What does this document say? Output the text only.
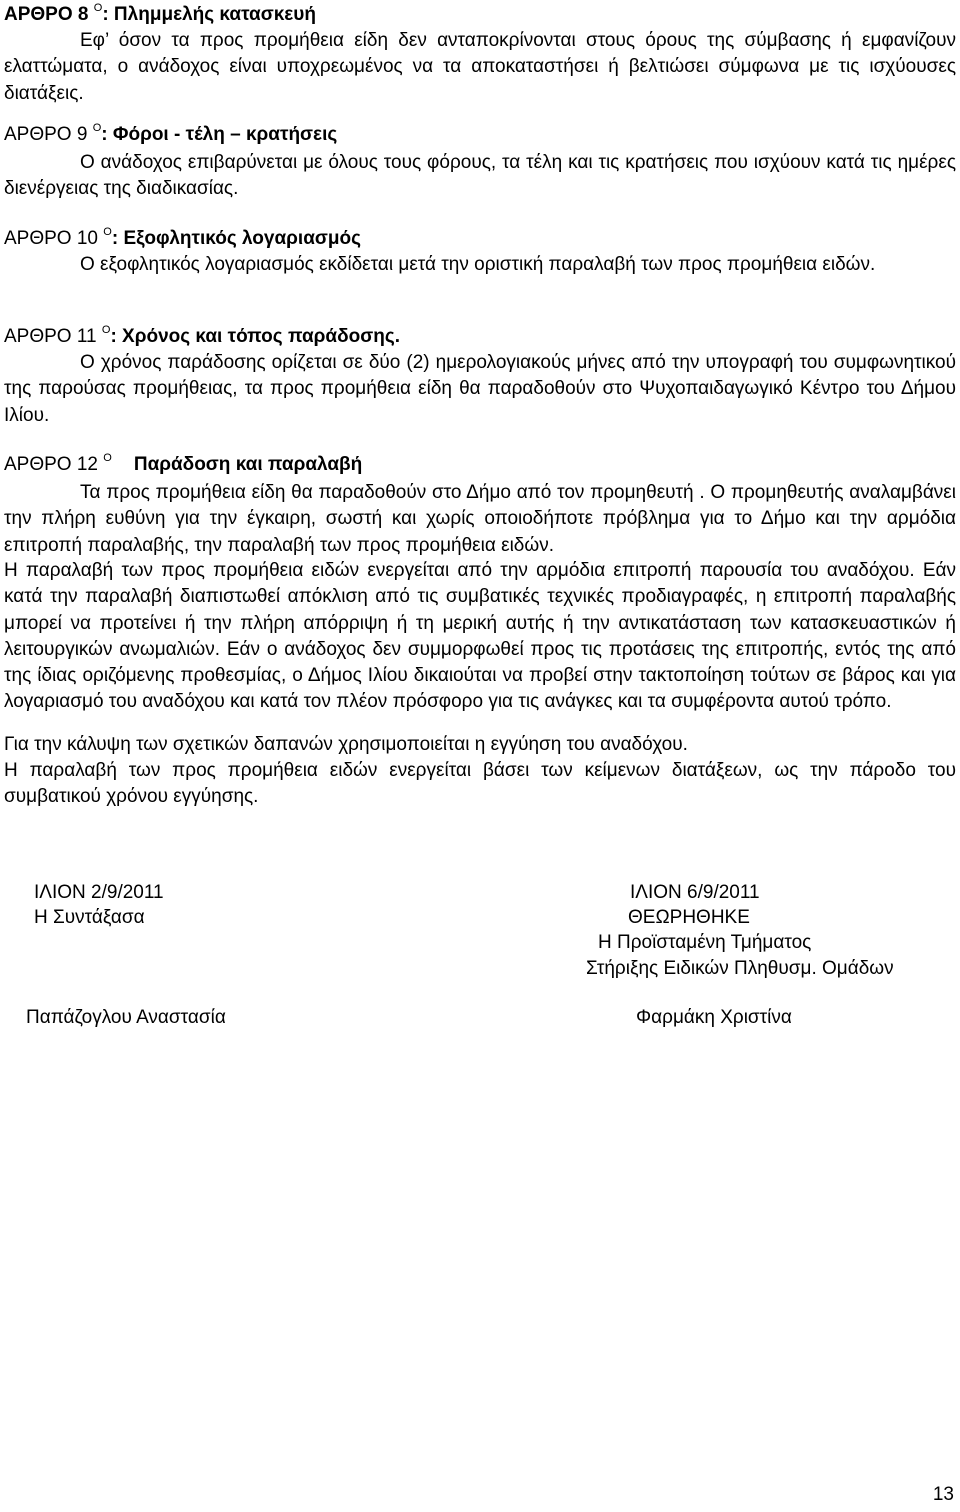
ΑΡΘΡΟ 8 $^O$: Πλημμελής κατασκευή

Εφ’ όσον τα προς προμήθεια είδη δεν ανταποκρίνονται στους όρους της σύμβασης ή εμφανίζουν ελαττώματα, ο ανάδοχος είναι υποχρεωμένος να τα αποκαταστήσει ή βελτιώσει σύμφωνα με τις ισχύουσες διατάξεις.

ΑΡΘΡΟ 9 $^O$: Φόροι - τέλη – κρατήσεις

Ο ανάδοχος επιβαρύνεται με όλους τους φόρους, τα τέλη και τις κρατήσεις που ισχύουν κατά τις ημέρες διενέργειας της διαδικασίας.

ΑΡΘΡΟ 10 $^O$: Εξοφλητικός λογαριασμός

Ο εξοφλητικός λογαριασμός εκδίδεται μετά την οριστική παραλαβή των προς προμήθεια ειδών.

ΑΡΘΡΟ 11 $^O$: Χρόνος και τόπος παράδοσης.

Ο χρόνος παράδοσης ορίζεται σε δύο (2) ημερολογιακούς μήνες από την υπογραφή του συμφωνητικού της παρούσας προμήθειας, τα προς προμήθεια είδη θα παραδοθούν στο Ψυχοπαιδαγωγικό Κέντρο του Δήμου Ιλίου.

ΑΡΘΡΟ 12 $^O$ Παράδοση και παραλαβή

Τα προς προμήθεια είδη θα παραδοθούν στο Δήμο από τον προμηθευτή . Ο προμηθευτής αναλαμβάνει την πλήρη ευθύνη για την έγκαιρη, σωστή και χωρίς οποιοδήποτε πρόβλημα για το Δήμο και την αρμόδια επιτροπή παραλαβής, την παραλαβή των προς προμήθεια ειδών.

Η παραλαβή των προς προμήθεια ειδών ενεργείται από την αρμόδια επιτροπή παρουσία του αναδόχου. Εάν κατά την παραλαβή διαπιστωθεί απόκλιση από τις συμβατικές τεχνικές προδιαγραφές, η επιτροπή παραλαβής μπορεί να προτείνει ή την πλήρη απόρριψη ή τη μερική αυτής ή την αντικατάσταση των κατασκευαστικών ή λειτουργικών ανωμαλιών. Εάν ο ανάδοχος δεν συμμορφωθεί προς τις προτάσεις της επιτροπής, εντός της από της ίδιας οριζόμενης προθεσμίας, ο Δήμος Ιλίου δικαιούται να προβεί στην τακτοποίηση τούτων σε βάρος και για λογαριασμό του αναδόχου και κατά τον πλέον πρόσφορο για τις ανάγκες και τα συμφέροντα αυτού τρόπο.

Για την κάλυψη των σχετικών δαπανών χρησιμοποιείται η εγγύηση του αναδόχου.

Η παραλαβή των προς προμήθεια ειδών ενεργείται βάσει των κείμενων διατάξεων, ως την πάροδο του συμβατικού χρόνου εγγύησης.

ΙΛΙΟΝ 2/9/2011
Η Συντάξασα
Παπάζογλου Αναστασία
ΙΛΙΟΝ 6/9/2011
ΘΕΩΡΗΘΗΚΕ
Η Προϊσταμένη Τμήματος
Στήριξης Ειδικών Πληθυσμ. Ομάδων
Φαρμάκη Χριστίνα
13
